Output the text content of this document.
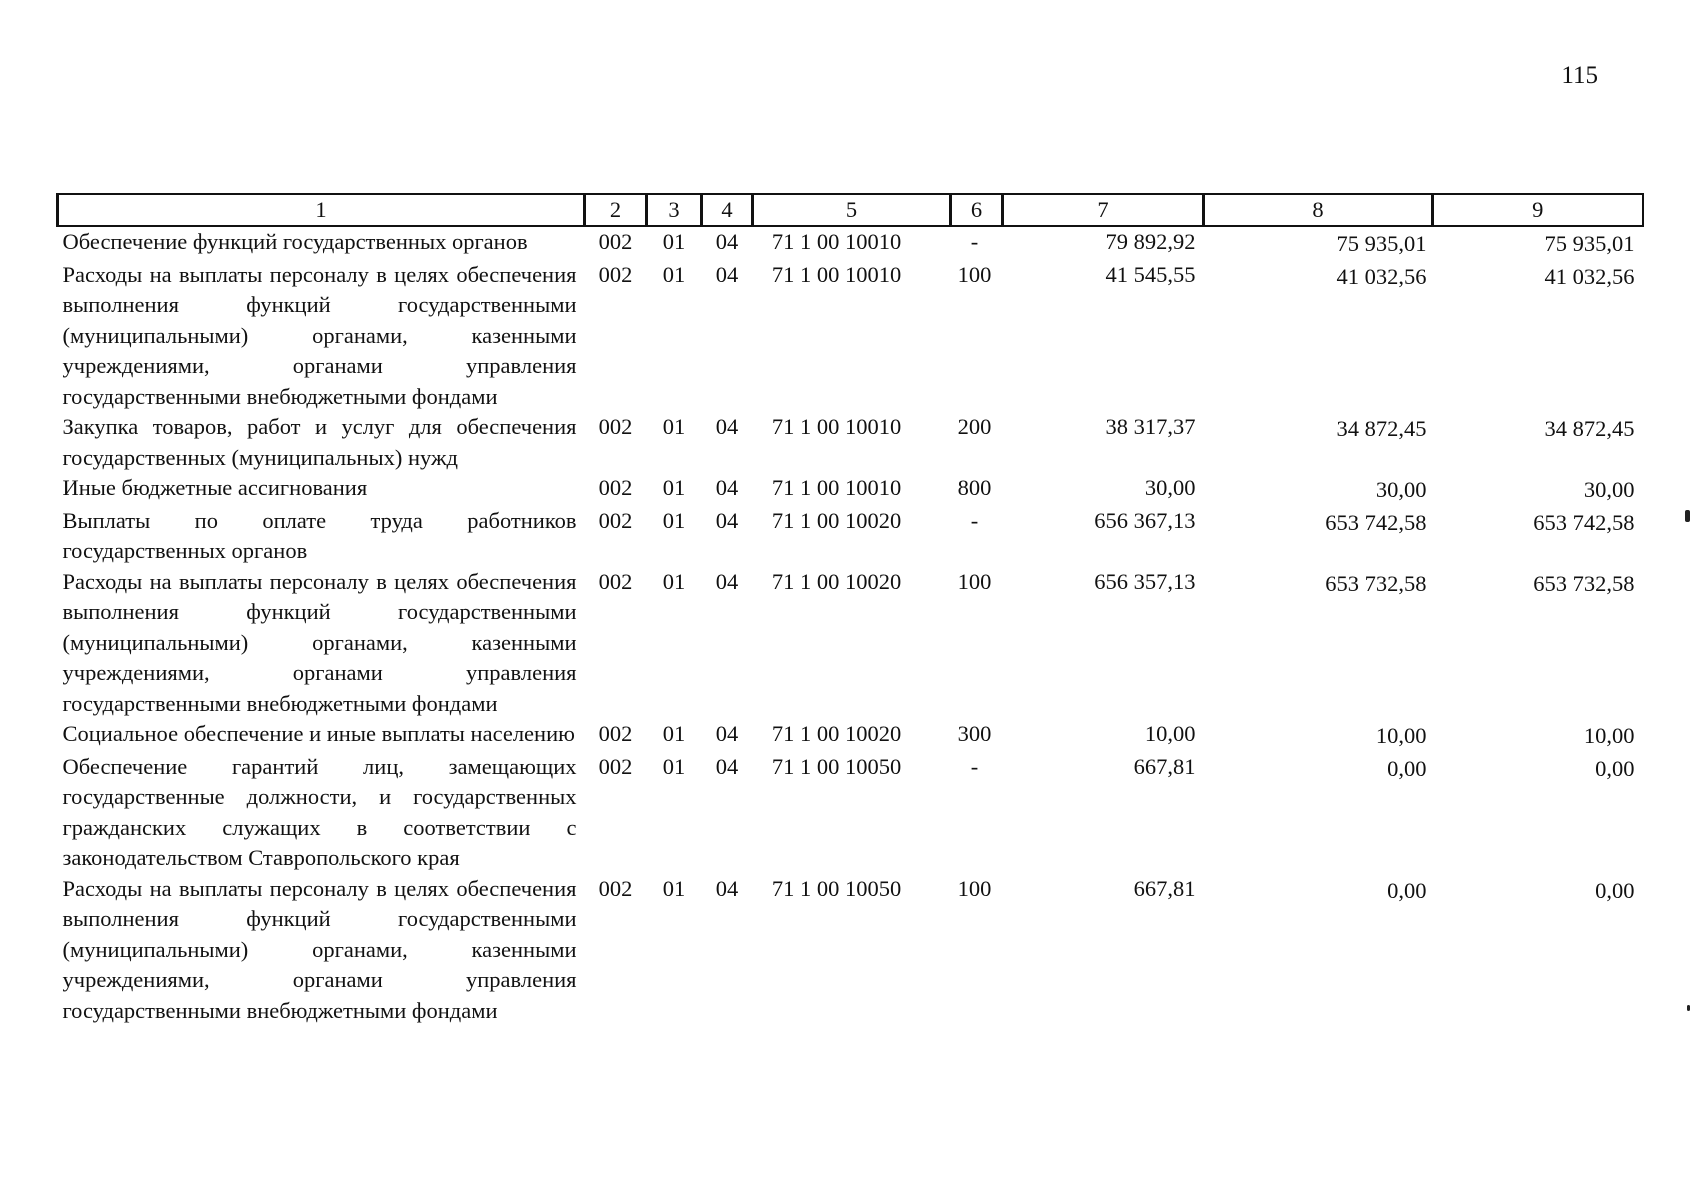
115
1	2	3	4	5	6	7	8	9
Обеспечение функций государственных органов	002	01	04	71 1 00 10010	-	79 892,92	75 935,01	75 935,01
Расходы на выплаты персоналу в целях обеспечения выполнения функций государственными (муниципальными) органами, казенными учреждениями, органами управления государственными внебюджетными фондами	002	01	04	71 1 00 10010	100	41 545,55	41 032,56	41 032,56
Закупка товаров, работ и услуг для обеспечения государственных (муниципальных) нужд	002	01	04	71 1 00 10010	200	38 317,37	34 872,45	34 872,45
Иные бюджетные ассигнования	002	01	04	71 1 00 10010	800	30,00	30,00	30,00
Выплаты по оплате труда работников государственных органов	002	01	04	71 1 00 10020	-	656 367,13	653 742,58	653 742,58
Расходы на выплаты персоналу в целях обеспечения выполнения функций государственными (муниципальными) органами, казенными учреждениями, органами управления государственными внебюджетными фондами	002	01	04	71 1 00 10020	100	656 357,13	653 732,58	653 732,58
Социальное обеспечение и иные выплаты населению	002	01	04	71 1 00 10020	300	10,00	10,00	10,00
Обеспечение гарантий лиц, замещающих государственные должности, и государственных гражданских служащих в соответствии с законодательством Ставропольского края	002	01	04	71 1 00 10050	-	667,81	0,00	0,00
Расходы на выплаты персоналу в целях обеспечения выполнения функций государственными (муниципальными) органами, казенными учреждениями, органами управления государственными внебюджетными фондами	002	01	04	71 1 00 10050	100	667,81	0,00	0,00
